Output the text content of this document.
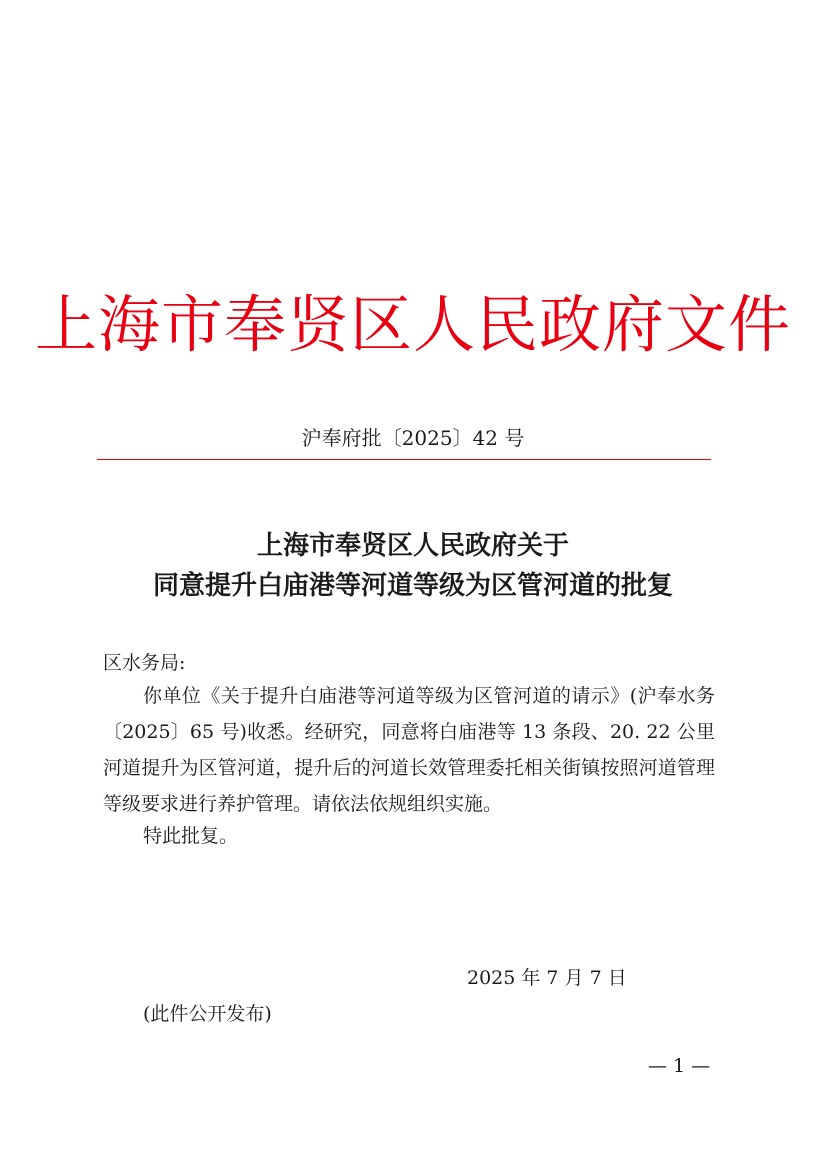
上海市奉贤区人民政府文件
沪奉府批〔2025〕42 号
上海市奉贤区人民政府关于
同意提升白庙港等河道等级为区管河道的批复
区水务局:

你单位《关于提升白庙港等河道等级为区管河道的请示》(沪奉水务〔2025〕65 号)收悉。经研究，同意将白庙港等 13 条段、20. 22 公里河道提升为区管河道，提升后的河道长效管理委托相关街镇按照河道管理等级要求进行养护管理。请依法依规组织实施。

特此批复。
2025 年 7 月 7 日
(此件公开发布)
— 1 —
